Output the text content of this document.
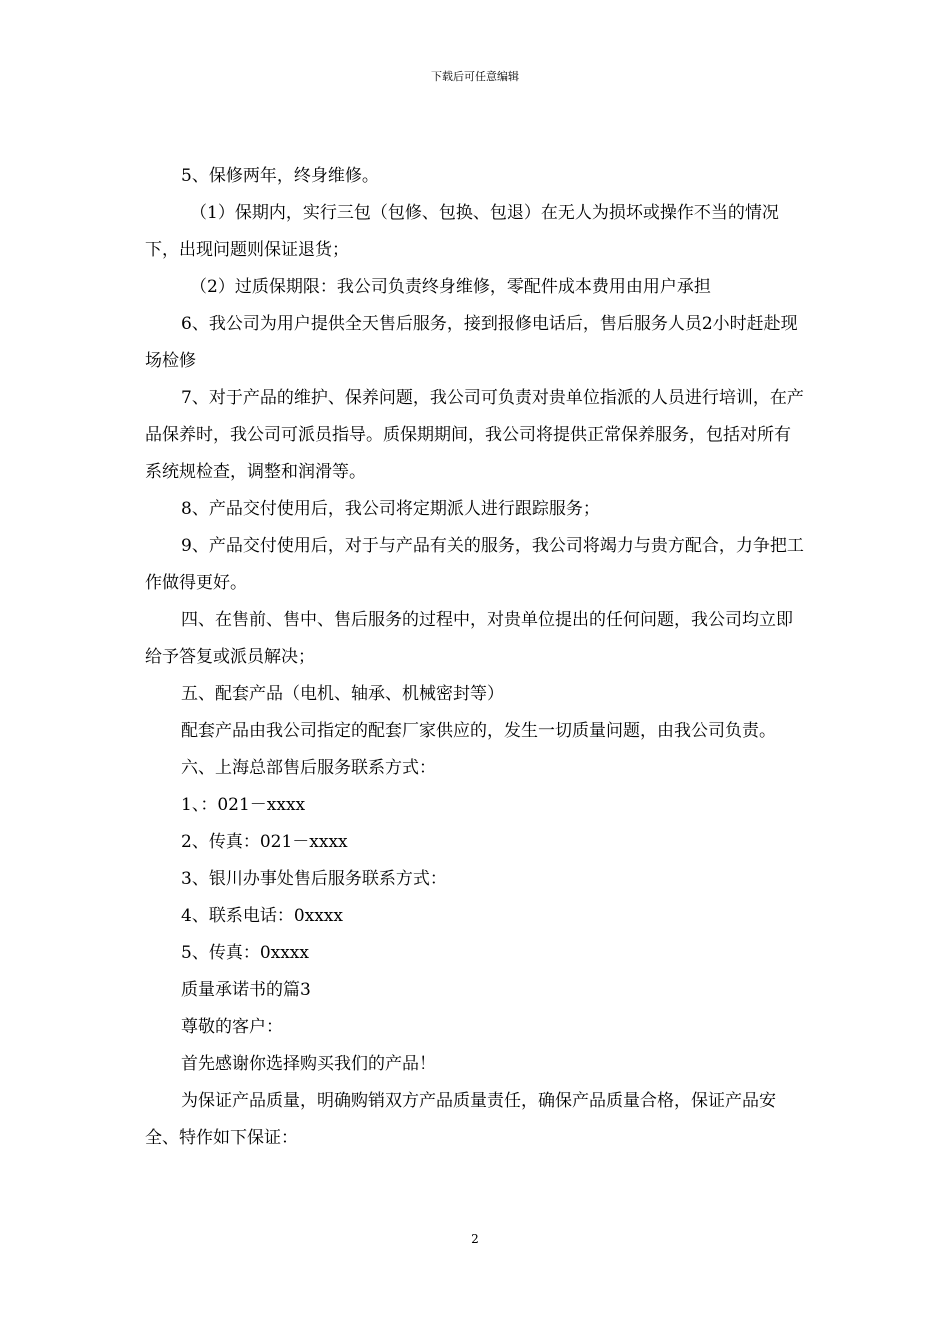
下载后可任意编辑

5、保修两年，终身维修。

（1）保期内，实行三包（包修、包换、包退）在无人为损坏或操作不当的情况下，出现问题则保证退货；

（2）过质保期限：我公司负责终身维修，零配件成本费用由用户承担

6、我公司为用户提供全天售后服务，接到报修电话后，售后服务人员2小时赶赴现场检修

7、对于产品的维护、保养问题，我公司可负责对贵单位指派的人员进行培训，在产品保养时，我公司可派员指导。质保期期间，我公司将提供正常保养服务，包括对所有系统规检查，调整和润滑等。

8、产品交付使用后，我公司将定期派人进行跟踪服务；

9、产品交付使用后，对于与产品有关的服务，我公司将竭力与贵方配合，力争把工作做得更好。

四、在售前、售中、售后服务的过程中，对贵单位提出的任何问题，我公司均立即给予答复或派员解决；

五、配套产品（电机、轴承、机械密封等）

配套产品由我公司指定的配套厂家供应的，发生一切质量问题，由我公司负责。

六、上海总部售后服务联系方式：

1、：021－xxxx

2、传真：021－xxxx

3、银川办事处售后服务联系方式：

4、联系电话：0xxxx

5、传真：0xxxx

质量承诺书的篇3

尊敬的客户：

首先感谢你选择购买我们的产品！

为保证产品质量，明确购销双方产品质量责任，确保产品质量合格，保证产品安全、特作如下保证：

2
